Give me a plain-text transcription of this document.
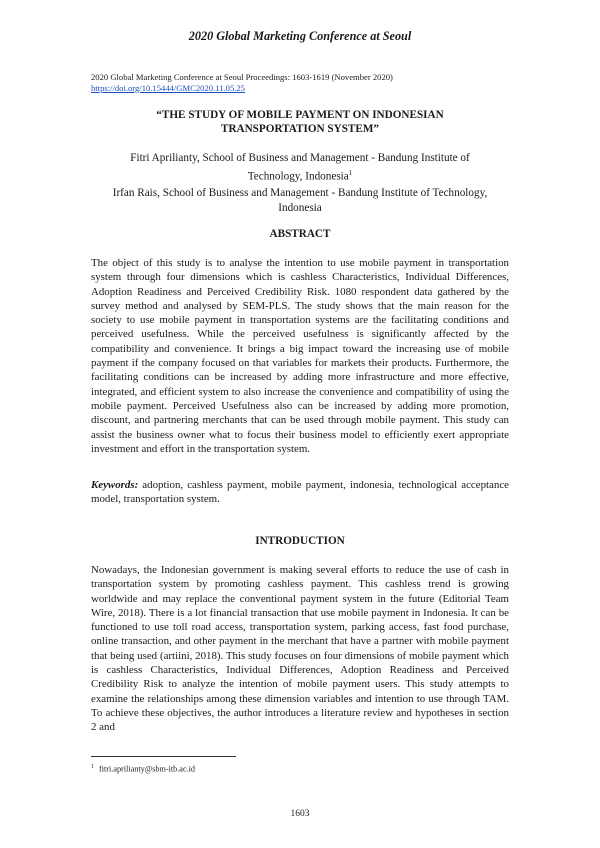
2020 Global Marketing Conference at Seoul
2020 Global Marketing Conference at Seoul Proceedings: 1603-1619 (November 2020)
https://doi.org/10.15444/GMC2020.11.05.25
“THE STUDY OF MOBILE PAYMENT ON INDONESIAN
TRANSPORTATION SYSTEM”
Fitri Aprilianty, School of Business and Management - Bandung Institute of
Technology, Indonesia$^1$
Irfan Rais, School of Business and Management - Bandung Institute of Technology,
Indonesia
ABSTRACT

The object of this study is to analyse the intention to use mobile payment in transportation system through four dimensions which is cashless Characteristics, Individual Differences, Adoption Readiness and Perceived Credibility Risk. 1080 respondent data gathered by the survey method and analysed by SEM-PLS. The study shows that the main reason for the society to use mobile payment in transportation systems are the facilitating conditions and perceived usefulness. While the perceived usefulness is significantly affected by the compatibility and convenience. It brings a big impact toward the increasing use of mobile payment if the company focused on that variables for markets their products. Furthermore, the facilitating conditions can be increased by adding more infrastructure and more effective, integrated, and efficient system to also increase the convenience and compatibility of using the mobile payment. Perceived Usefulness also can be increased by adding more promotion, discount, and partnering merchants that can be used through mobile payment. This study can assist the business owner what to focus their business model to efficiently exert appropriate investment and effort in the transportation system.

Keywords: adoption, cashless payment, mobile payment, indonesia, technological acceptance model, transportation system.

INTRODUCTION

Nowadays, the Indonesian government is making several efforts to reduce the use of cash in transportation system by promoting cashless payment. This cashless trend is growing worldwide and may replace the conventional payment system in the future (Editorial Team Wire, 2018). There is a lot financial transaction that use mobile payment in Indonesia. It can be functioned to use toll road access, transportation system, parking access, fast food purchase, online transaction, and other payment in the merchant that have a partner with mobile payment that being used (artiini, 2018). This study focuses on four dimensions of mobile payment which is cashless Characteristics, Individual Differences, Adoption Readiness and Perceived Credibility Risk to analyze the intention of mobile payment users. This study attempts to examine the relationships among these dimension variables and intention to use through TAM. To achieve these objectives, the author introduces a literature review and hypotheses in section 2 and

$^1$ fitri.aprilianty@sbm-itb.ac.id
1603
